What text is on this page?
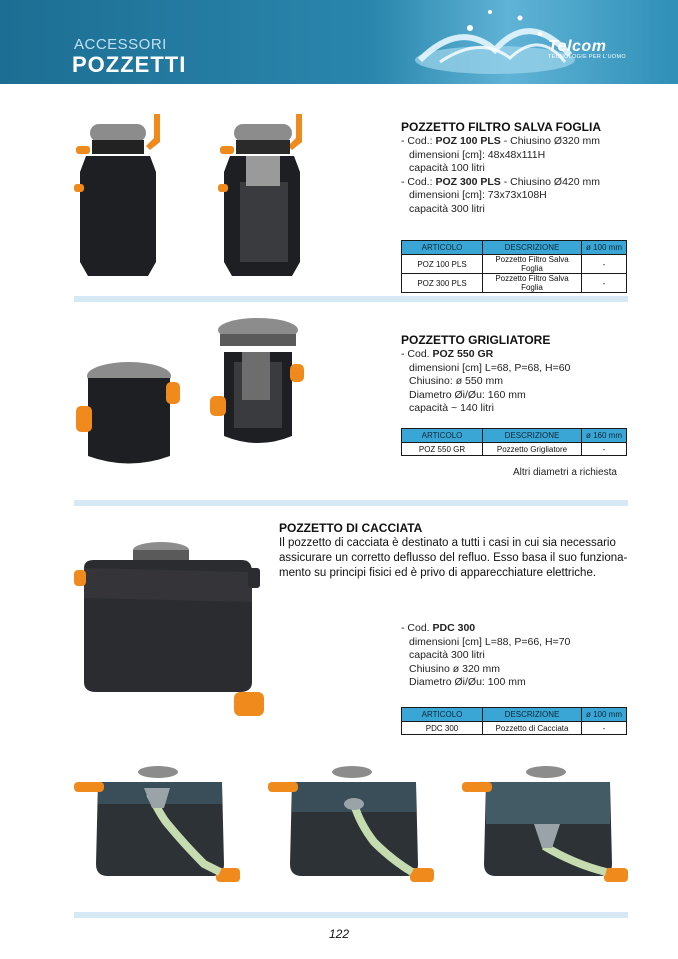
ACCESSORI
POZZETTI
Telcom
TECNOLOGIE PER L'UOMO
POZZETTO FILTRO SALVA FOGLIA
- Cod.: POZ 100 PLS - Chiusino Ø320 mm
dimensioni [cm]: 48x48x111H
capacità 100 litri
- Cod.: POZ 300 PLS - Chiusino Ø420 mm
dimensioni [cm]: 73x73x108H
capacità 300 litri
ARTICOLO	DESCRIZIONE	ø 100 mm
POZ 100 PLS	Pozzetto Filtro Salva Foglia	-
POZ 300 PLS	Pozzetto Filtro Salva Foglia	-
POZZETTO GRIGLIATORE
- Cod. POZ 550 GR
dimensioni [cm] L=68, P=68, H=60
Chiusino: ø 550 mm
Diametro Øi/Øu: 160 mm
capacità ~ 140 litri
ARTICOLO	DESCRIZIONE	ø 160 mm
POZ 550 GR	Pozzetto Grigliatore	-
Altri diametri a richiesta
POZZETTO DI CACCIATA
Il pozzetto di cacciata è destinato a tutti i casi in cui sia necessario assicurare un corretto deflusso del refluo. Esso basa il suo funziona-mento su principi fisici ed è privo di apparecchiature elettriche.
- Cod. PDC 300
dimensioni [cm] L=88, P=66, H=70
capacità 300 litri
Chiusino ø 320 mm
Diametro Øi/Øu: 100 mm
ARTICOLO	DESCRIZIONE	ø 100 mm
PDC 300	Pozzetto di Cacciata	-
122
